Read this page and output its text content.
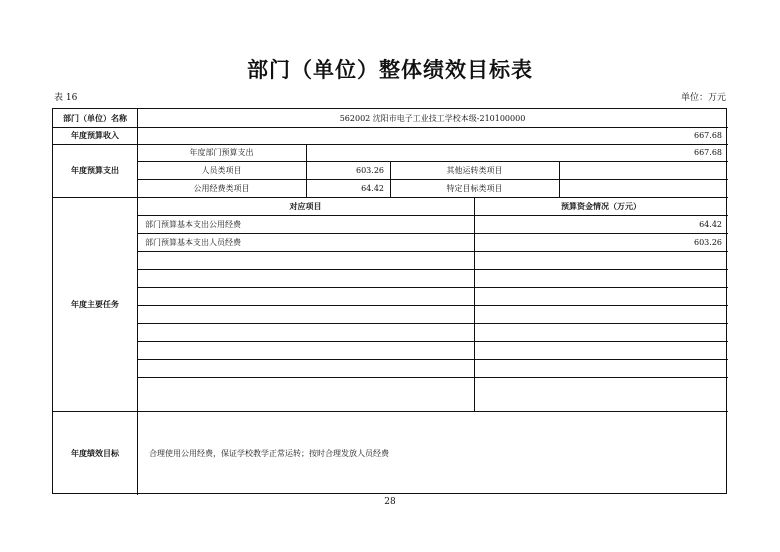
部门（单位）整体绩效目标表
表 16	单位：万元
部门（单位）名称	562002 沈阳市电子工业技工学校本级-210100000
年度预算收入	667.68
年度预算支出
年度部门预算支出	667.68
人员类项目	603.26	其他运转类项目
公用经费类项目	64.42	特定目标类项目
年度主要任务
对应项目	预算资金情况（万元）
部门预算基本支出公用经费	64.42
部门预算基本支出人员经费	603.26
年度绩效目标	合理使用公用经费，保证学校教学正常运转；按时合理发放人员经费
28
